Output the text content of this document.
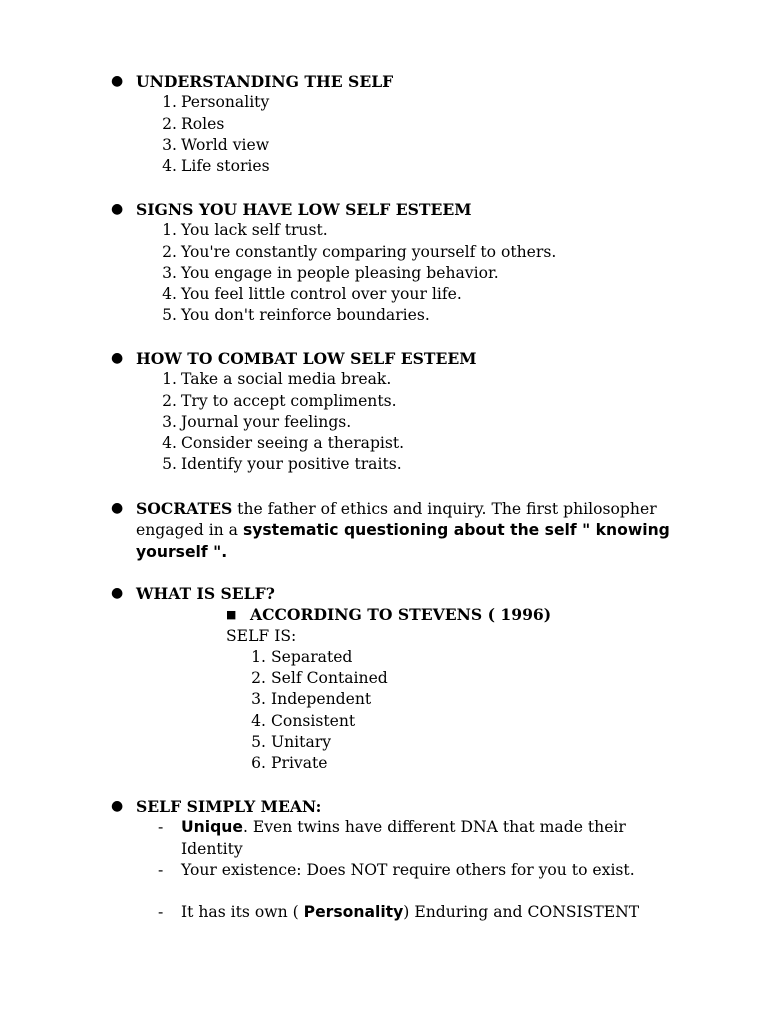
● UNDERSTANDING THE SELF
1. Personality
2. Roles
3. World view
4. Life stories
● SIGNS YOU HAVE LOW SELF ESTEEM
1. You lack self trust.
2. You're constantly comparing yourself to others.
3. You engage in people pleasing behavior.
4. You feel little control over your life.
5. You don't reinforce boundaries.
● HOW TO COMBAT LOW SELF ESTEEM
1. Take a social media break.
2. Try to accept compliments.
3. Journal your feelings.
4. Consider seeing a therapist.
5. Identify your positive traits.
● SOCRATES the father of ethics and inquiry. The first philosopher engaged in a systematic questioning about the self " knowing yourself ".
● WHAT IS SELF?
■ ACCORDING TO STEVENS ( 1996)
SELF IS:
1. Separated
2. Self Contained
3. Independent
4. Consistent
5. Unitary
6. Private
● SELF SIMPLY MEAN:
- Unique. Even twins have different DNA that made their Identity
- Your existence: Does NOT require others for you to exist.
- It has its own ( Personality) Enduring and CONSISTENT
